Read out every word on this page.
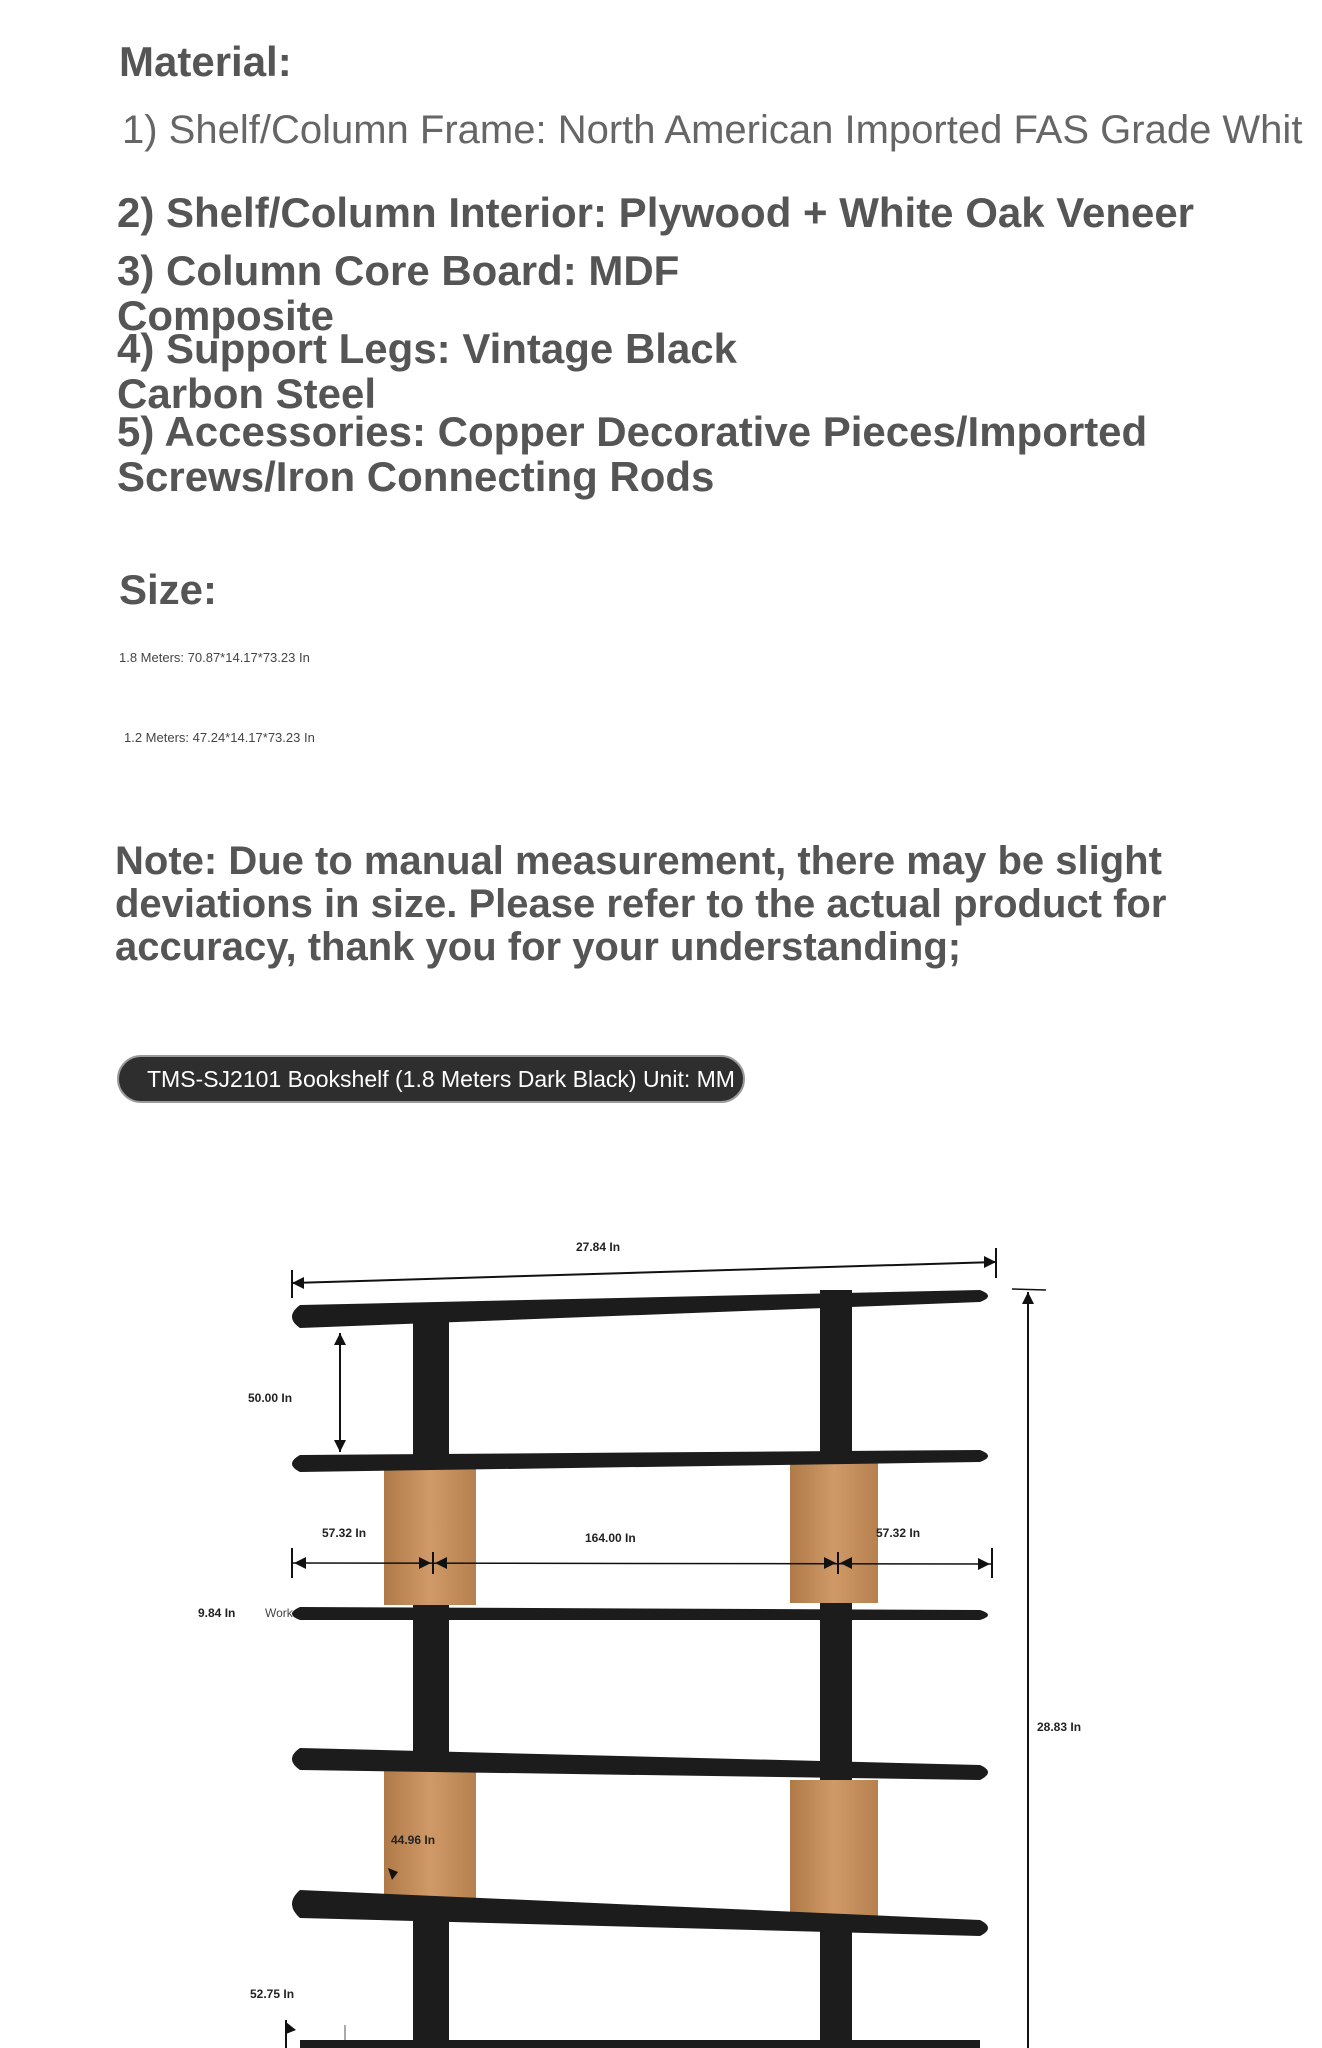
Material:
1) Shelf/Column Frame: North American Imported FAS Grade Whit
2) Shelf/Column Interior: Plywood + White Oak Veneer
3) Column Core Board: MDF
Composite
4) Support Legs: Vintage Black
Carbon Steel
5) Accessories: Copper Decorative Pieces/Imported
Screws/Iron Connecting Rods
Size:
1.8 Meters: 70.87*14.17*73.23 In
1.2 Meters: 47.24*14.17*73.23 In
Note: Due to manual measurement, there may be slight
deviations in size. Please refer to the actual product for
accuracy, thank you for your understanding;
TMS-SJ2101 Bookshelf (1.8 Meters Dark Black) Unit: MM
27.84 In
50.00 In
57.32 In	164.00 In	57.32 In
9.84 In Work
28.83 In
44.96 In
52.75 In
